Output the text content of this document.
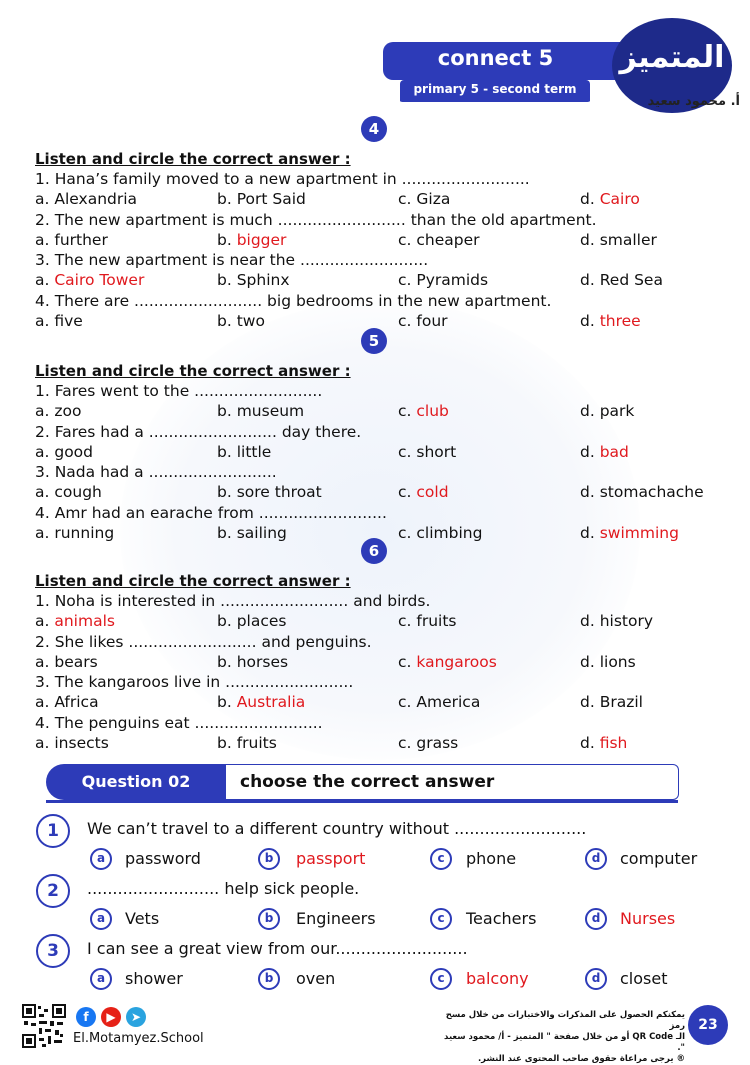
connect 5
primary 5 - second term
المتميز
أ. محمود سعيد
4
Listen and circle the correct answer :
1. Hana’s family moved to a new apartment in ..........................
a. Alexandria	b. Port Said	c. Giza	d. Cairo
2. The new apartment is much .......................... than the old apartment.
a. further	b. bigger	c. cheaper	d. smaller
3. The new apartment is near the ..........................
a. Cairo Tower	b. Sphinx	c. Pyramids	d. Red Sea
4. There are .......................... big bedrooms in the new apartment.
a. five	b. two	c. four	d. three
5
Listen and circle the correct answer :
1. Fares went to the ..........................
a. zoo	b. museum	c. club	d. park
2. Fares had a .......................... day there.
a. good	b. little	c. short	d. bad
3. Nada had a ..........................
a. cough	b. sore throat	c. cold	d. stomachache
4. Amr had an earache from ..........................
a. running	b. sailing	c. climbing	d. swimming
6
Listen and circle the correct answer :
1. Noha is interested in .......................... and birds.
a. animals	b. places	c. fruits	d. history
2. She likes .......................... and penguins.
a. bears	b. horses	c. kangaroos	d. lions
3. The kangaroos live in ..........................
a. Africa	b. Australia	c. America	d. Brazil
4. The penguins eat ..........................
a. insects	b. fruits	c. grass	d. fish
Question 02	choose the correct answer
1	We can’t travel to a different country without ..........................
a	password	b	passport	c	phone	d	computer
2	.......................... help sick people.
a	Vets	b	Engineers	c	Teachers	d	Nurses
3	I can see a great view from our..........................
a	shower	b	oven	c	balcony	d	closet
f	▶	➤
El.Motamyez.School
يمكنكم الحصول على المذكرات والاختبارات من خلال مسح رمز
الـ QR Code أو من خلال صفحة " المتميز - أ/ محمود سعيد ".
® يرجى مراعاة حقوق صاحب المحتوى عند النشر.
23
